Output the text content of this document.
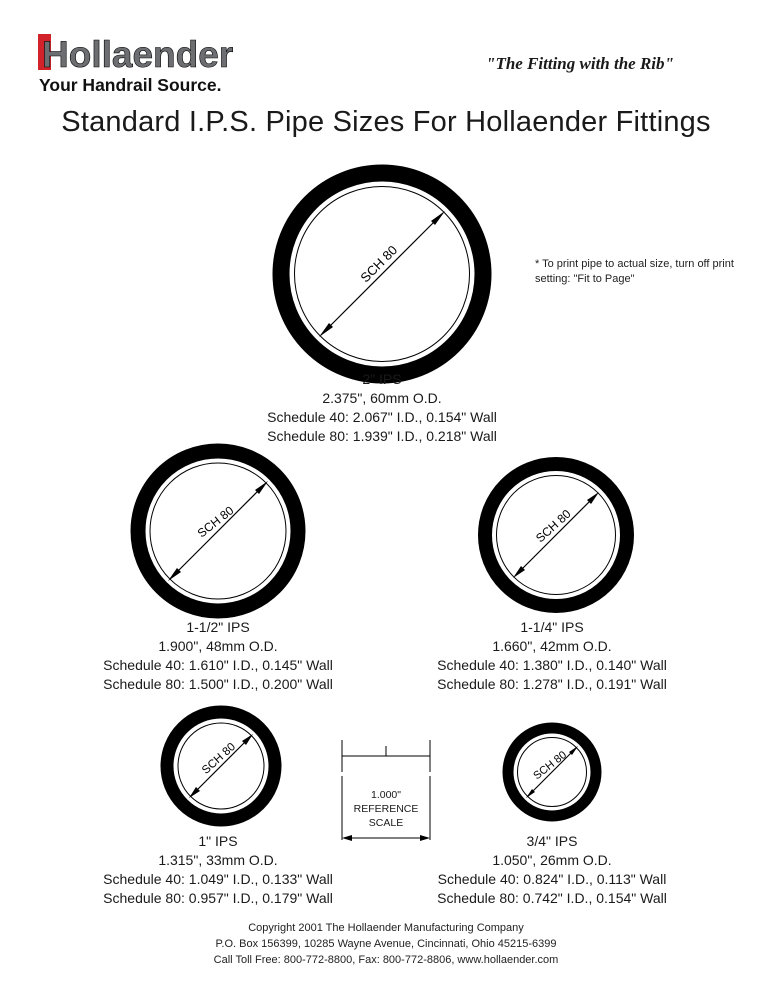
Hollaender
Your Handrail Source.
"The Fitting with the Rib"
Standard I.P.S. Pipe Sizes For Hollaender Fittings
* To print pipe to actual size, turn off print setting: "Fit to Page"
SCH 80
2" IPS
2.375", 60mm O.D.
Schedule 40: 2.067" I.D., 0.154" Wall
Schedule 80: 1.939" I.D., 0.218" Wall
SCH 80
1-1/2" IPS
1.900", 48mm O.D.
Schedule 40: 1.610" I.D., 0.145" Wall
Schedule 80: 1.500" I.D., 0.200" Wall
SCH 80
1-1/4" IPS
1.660", 42mm O.D.
Schedule 40: 1.380" I.D., 0.140" Wall
Schedule 80: 1.278" I.D., 0.191" Wall
SCH 80
1" IPS
1.315", 33mm O.D.
Schedule 40: 1.049" I.D., 0.133" Wall
Schedule 80: 0.957" I.D., 0.179" Wall
SCH 80
3/4" IPS
1.050", 26mm O.D.
Schedule 40: 0.824" I.D., 0.113" Wall
Schedule 80: 0.742" I.D., 0.154" Wall
1.000"
REFERENCE
SCALE
Copyright 2001 The Hollaender Manufacturing Company
P.O. Box 156399, 10285 Wayne Avenue, Cincinnati, Ohio 45215-6399
Call Toll Free: 800-772-8800, Fax: 800-772-8806, www.hollaender.com
